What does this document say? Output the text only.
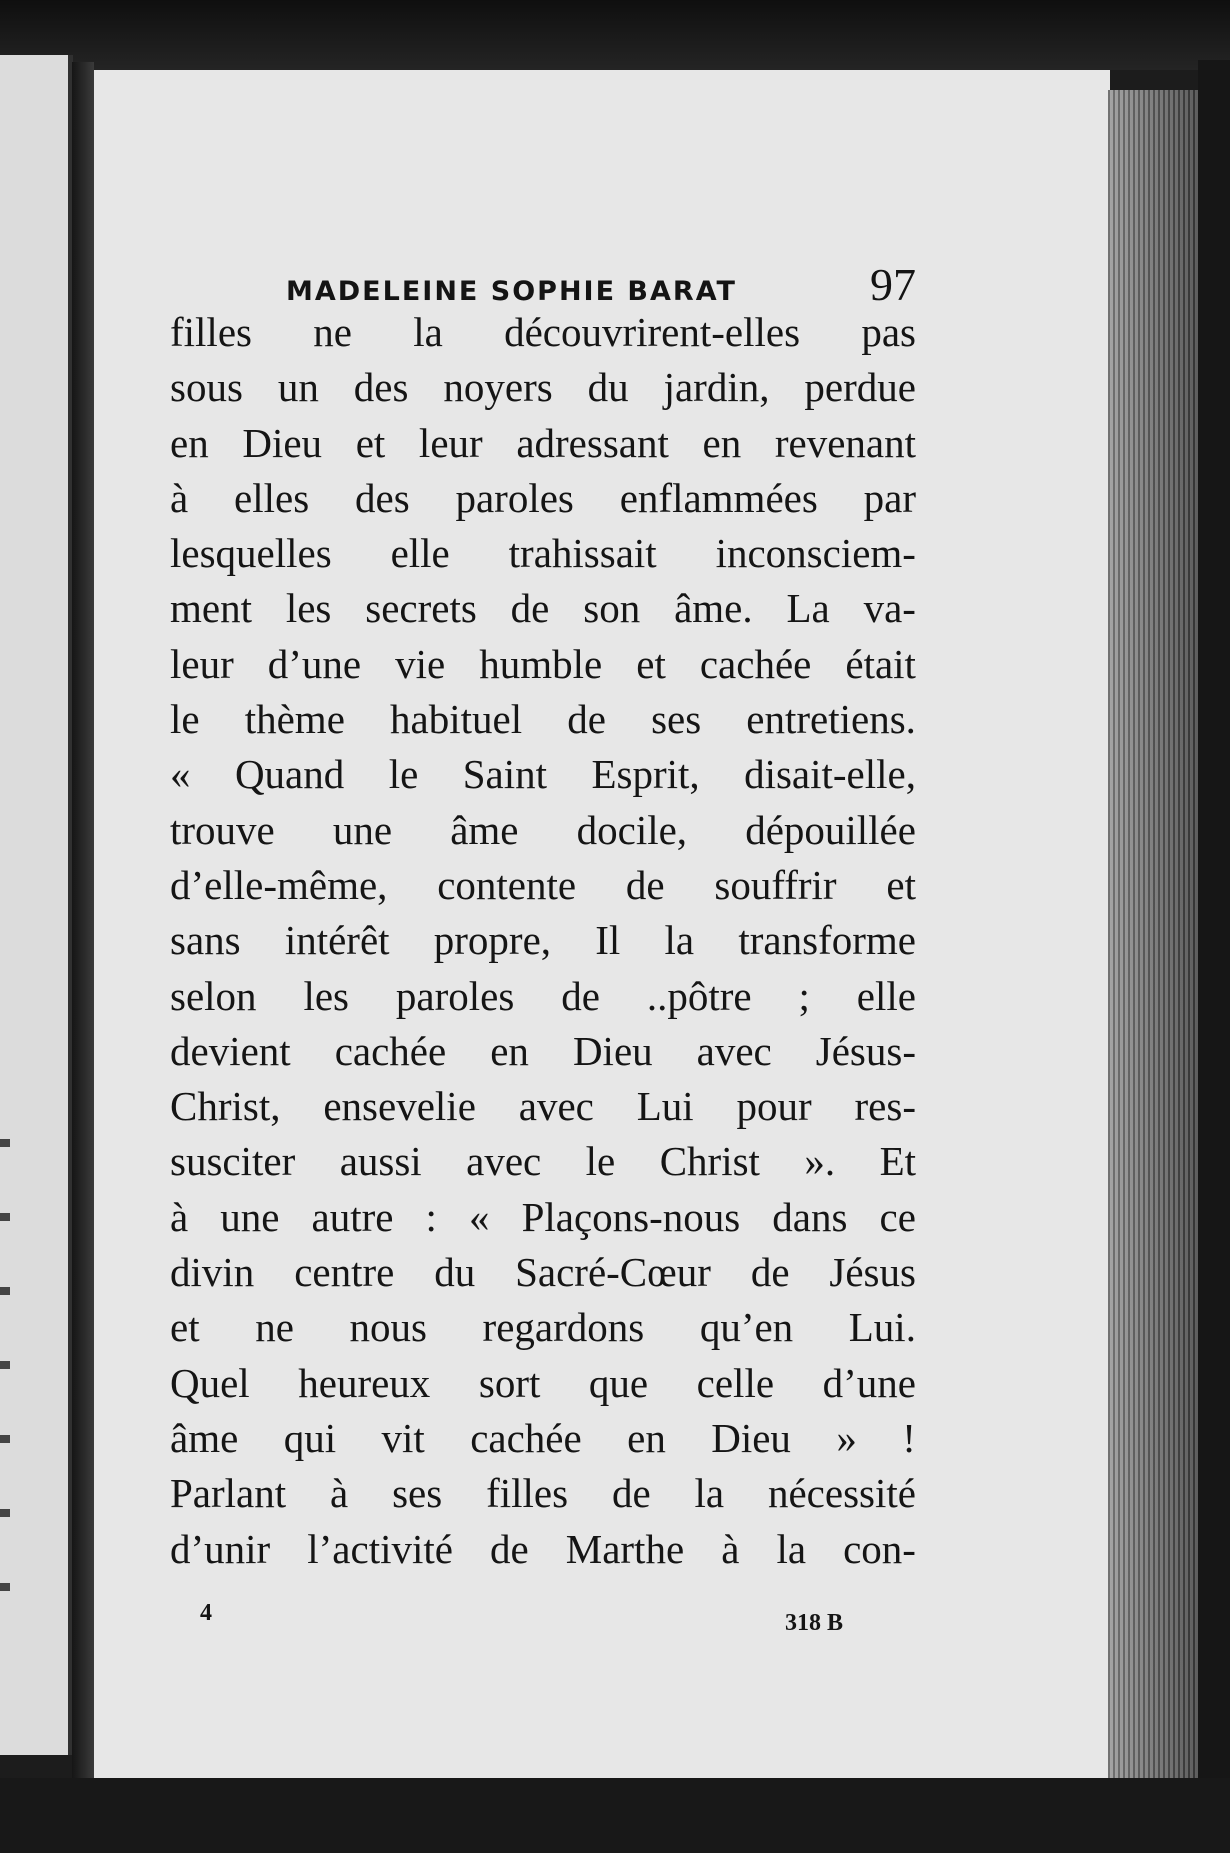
MADELEINE SOPHIE BARAT	97
filles ne la découvrirent-elles pas
sous un des noyers du jardin, perdue
en Dieu et leur adressant en revenant
à elles des paroles enflammées par
lesquelles elle trahissait inconsciem-
ment les secrets de son âme. La va-
leur d’une vie humble et cachée était
le thème habituel de ses entretiens.
« Quand le Saint Esprit, disait-elle,
trouve une âme docile, dépouillée
d’elle-même, contente de souffrir et
sans intérêt propre, Il la transforme
selon les paroles de ..pôtre ; elle
devient cachée en Dieu avec Jésus-
Christ, ensevelie avec Lui pour res-
susciter aussi avec le Christ ». Et
à une autre : « Plaçons-nous dans ce
divin centre du Sacré-Cœur de Jésus
et ne nous regardons qu’en Lui.
Quel heureux sort que celle d’une
âme qui vit cachée en Dieu » !
Parlant à ses filles de la nécessité
d’unir l’activité de Marthe à la con-
4	318 B
